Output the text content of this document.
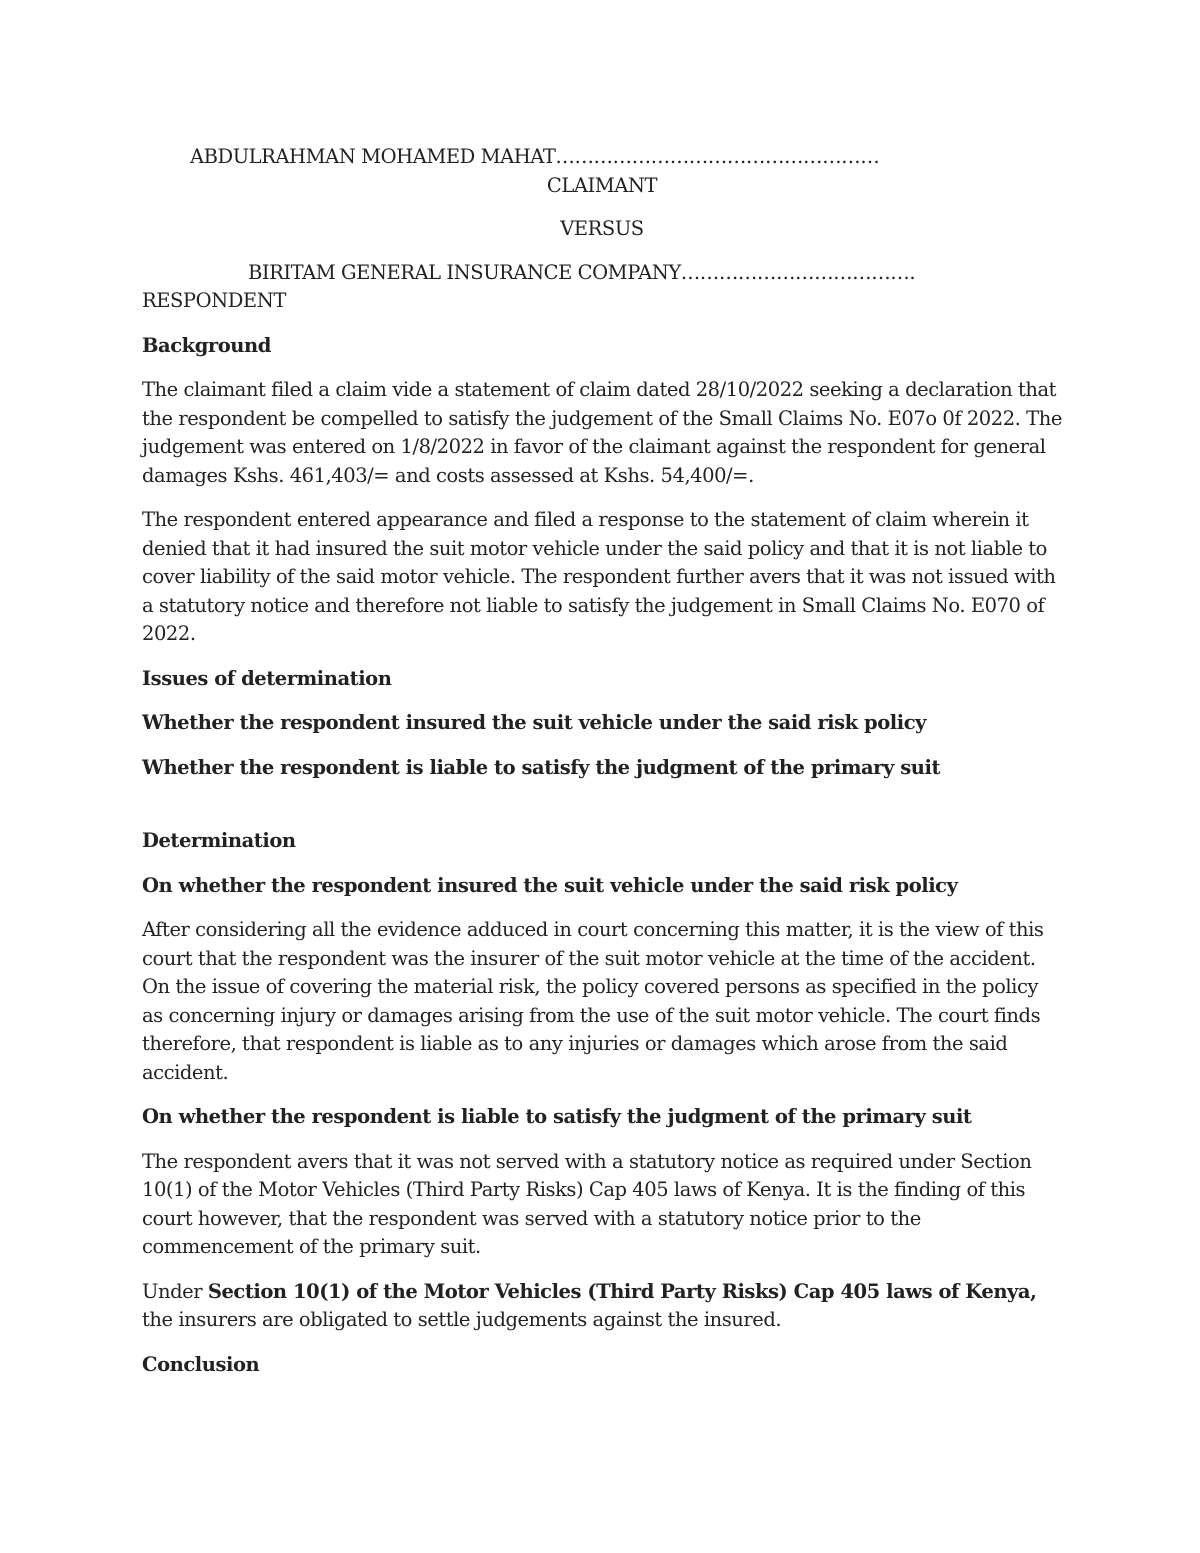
ABDULRAHMAN MOHAMED MAHAT……………………………………………

CLAIMANT

VERSUS

BIRITAM GENERAL INSURANCE COMPANY……………………………….

RESPONDENT

Background

The claimant filed a claim vide a statement of claim dated 28/10/2022 seeking a declaration that the respondent be compelled to satisfy the judgement of the Small Claims No. E07o 0f 2022. The judgement was entered on 1/8/2022 in favor of the claimant against the respondent for general damages Kshs. 461,403/= and costs assessed at Kshs. 54,400/=.

The respondent entered appearance and filed a response to the statement of claim wherein it denied that it had insured the suit motor vehicle under the said policy and that it is not liable to cover liability of the said motor vehicle. The respondent further avers that it was not issued with a statutory notice and therefore not liable to satisfy the judgement in Small Claims No. E070 of 2022.

Issues of determination

Whether the respondent insured the suit vehicle under the said risk policy

Whether the respondent is liable to satisfy the judgment of the primary suit

Determination

On whether the respondent insured the suit vehicle under the said risk policy

After considering all the evidence adduced in court concerning this matter, it is the view of this court that the respondent was the insurer of the suit motor vehicle at the time of the accident. On the issue of covering the material risk, the policy covered persons as specified in the policy as concerning injury or damages arising from the use of the suit motor vehicle. The court finds therefore, that respondent is liable as to any injuries or damages which arose from the said accident.

On whether the respondent is liable to satisfy the judgment of the primary suit

The respondent avers that it was not served with a statutory notice as required under Section 10(1) of the Motor Vehicles (Third Party Risks) Cap 405 laws of Kenya. It is the finding of this court however, that the respondent was served with a statutory notice prior to the commencement of the primary suit.

Under Section 10(1) of the Motor Vehicles (Third Party Risks) Cap 405 laws of Kenya, the insurers are obligated to settle judgements against the insured.

Conclusion
